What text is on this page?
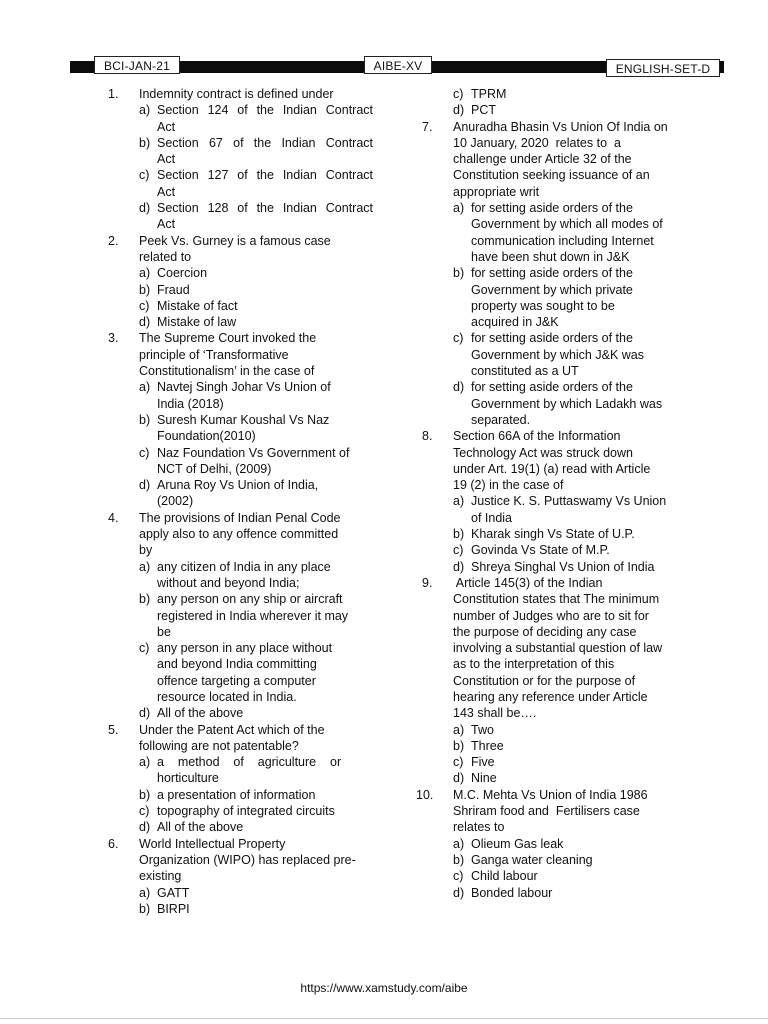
BCI-JAN-21	AIBE-XV	ENGLISH-SET-D
1. Indemnity contract is defined under
a) Section 124 of the Indian Contract
Act
b) Section 67 of the Indian Contract
Act
c) Section 127 of the Indian Contract
Act
d) Section 128 of the Indian Contract
Act
2. Peek Vs. Gurney is a famous case
related to
a) Coercion
b) Fraud
c) Mistake of fact
d) Mistake of law
3. The Supreme Court invoked the
principle of ‘Transformative
Constitutionalism’ in the case of
a) Navtej Singh Johar Vs Union of
India (2018)
b) Suresh Kumar Koushal Vs Naz
Foundation(2010)
c) Naz Foundation Vs Government of
NCT of Delhi, (2009)
d) Aruna Roy Vs Union of India,
(2002)
4. The provisions of Indian Penal Code
apply also to any offence committed
by
a) any citizen of India in any place
without and beyond India;
b) any person on any ship or aircraft
registered in India wherever it may
be
c) any person in any place without
and beyond India committing
offence targeting a computer
resource located in India.
d) All of the above
5. Under the Patent Act which of the
following are not patentable?
a) a    method    of    agriculture    or
horticulture
b) a presentation of information
c) topography of integrated circuits
d) All of the above
6. World Intellectual Property
Organization (WIPO) has replaced pre-
existing
a) GATT
b) BIRPI
c) TPRM
d) PCT
7. Anuradha Bhasin Vs Union Of India on
10 January, 2020  relates to  a
challenge under Article 32 of the
Constitution seeking issuance of an
appropriate writ
a) for setting aside orders of the
Government by which all modes of
communication including Internet
have been shut down in J&K
b) for setting aside orders of the
Government by which private
property was sought to be
acquired in J&K
c) for setting aside orders of the
Government by which J&K was
constituted as a UT
d) for setting aside orders of the
Government by which Ladakh was
separated.
8. Section 66A of the Information
Technology Act was struck down
under Art. 19(1) (a) read with Article
19 (2) in the case of
a) Justice K. S. Puttaswamy Vs Union
of India
b) Kharak singh Vs State of U.P.
c) Govinda Vs State of M.P.
d) Shreya Singhal Vs Union of India
9. Article 145(3) of the Indian
Constitution states that The minimum
number of Judges who are to sit for
the purpose of deciding any case
involving a substantial question of law
as to the interpretation of this
Constitution or for the purpose of
hearing any reference under Article
143 shall be….
a) Two
b) Three
c) Five
d) Nine
10. M.C. Mehta Vs Union of India 1986
Shriram food and  Fertilisers case
relates to
a) Olieum Gas leak
b) Ganga water cleaning
c) Child labour
d) Bonded labour
https://www.xamstudy.com/aibe
